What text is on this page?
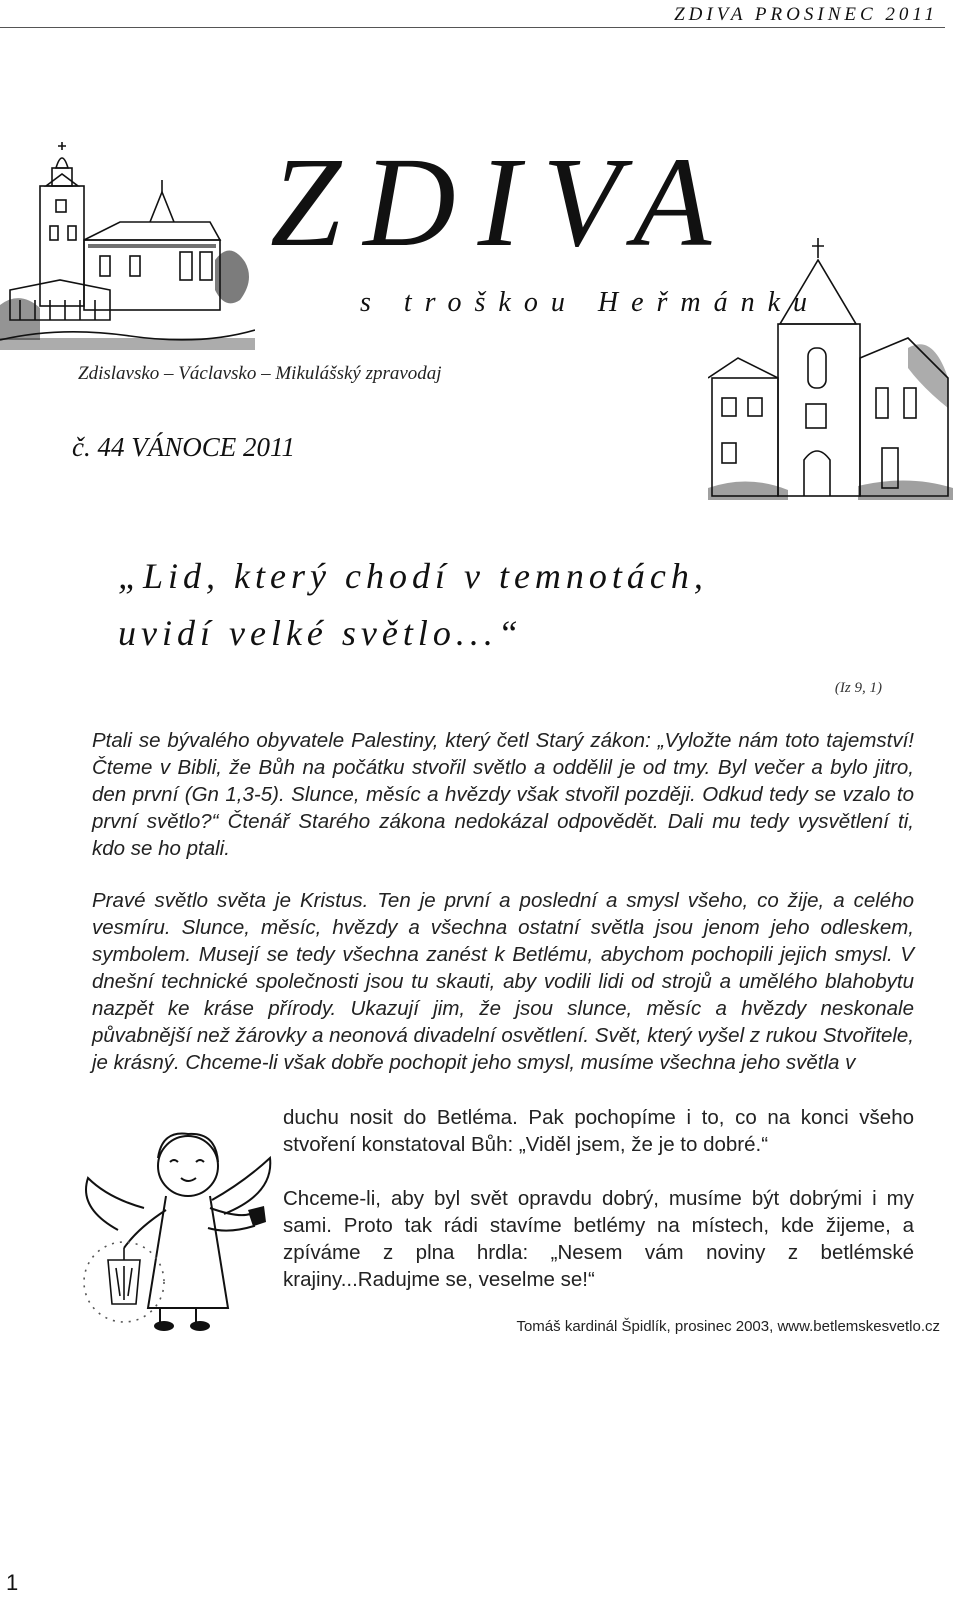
ZDIVA PROSINEC 2011
ZDIVA
s troškou Heřmánku
Zdislavsko – Václavsko – Mikulášský zpravodaj
č. 44 VÁNOCE 2011
„Lid, který chodí v temnotách,
uvidí velké světlo...“
(Iz 9, 1)
Ptali se bývalého obyvatele Palestiny, který četl Starý zákon: „Vyložte nám toto tajemství! Čteme v Bibli, že Bůh na počátku stvořil světlo a oddělil je od tmy. Byl večer a bylo jitro, den první (Gn 1,3-5). Slunce, měsíc a hvězdy však stvořil později. Odkud tedy se vzalo to první světlo?“ Čtenář Starého zákona nedokázal odpovědět. Dali mu tedy vysvětlení ti, kdo se ho ptali.
Pravé světlo světa je Kristus. Ten je první a poslední a smysl všeho, co žije, a celého vesmíru. Slunce, měsíc, hvězdy a všechna ostatní světla jsou jenom jeho odleskem, symbolem. Musejí se tedy všechna zanést k Betlému, abychom pochopili jejich smysl. V dnešní technické společnosti jsou tu skauti, aby vodili lidi od strojů a umělého blahobytu nazpět ke kráse přírody. Ukazují jim, že jsou slunce, měsíc a hvězdy neskonale půvabnější než žárovky a neonová divadelní osvětlení. Svět, který vyšel z rukou Stvořitele, je krásný. Chceme-li však dobře pochopit jeho smysl, musíme všechna jeho světla v
duchu nosit do Betléma. Pak pochopíme i to, co na konci všeho stvoření konstatoval Bůh: „Viděl jsem, že je to dobré.“
Chceme-li, aby byl svět opravdu dobrý, musíme být dobrými i my sami. Proto tak rádi stavíme betlémy na místech, kde žijeme, a zpíváme z plna hrdla: „Nesem vám noviny z betlémské krajiny...Radujme se, veselme se!“
Tomáš kardinál Špidlík, prosinec 2003, www.betlemskesvetlo.cz
1
